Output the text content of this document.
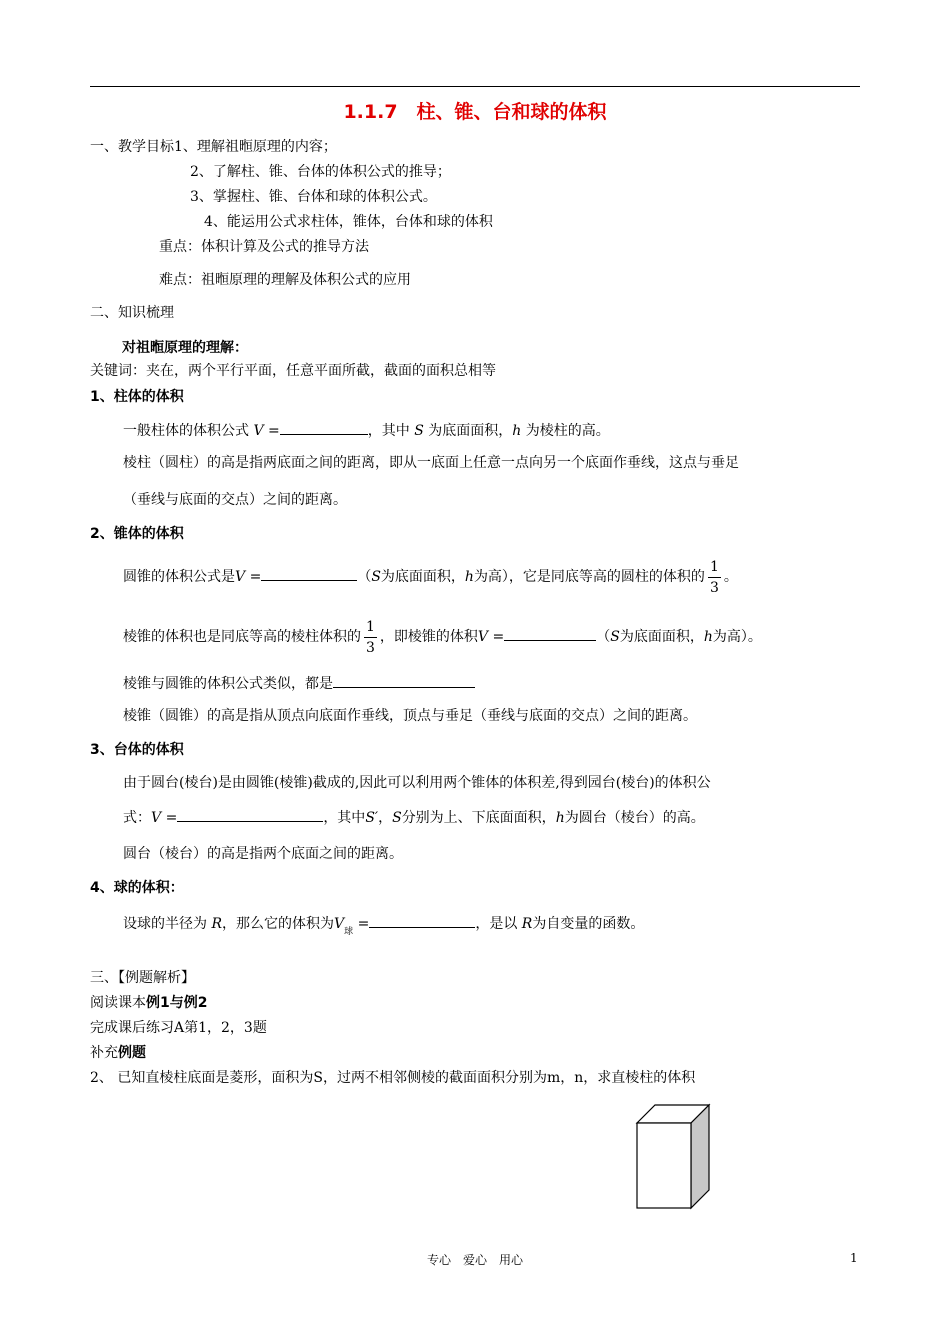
1.1.7　柱、锥、台和球的体积
一、教学目标1、理解祖暅原理的内容；
2、了解柱、锥、台体的体积公式的推导；
3、掌握柱、锥、台体和球的体积公式。
4、能运用公式求柱体，锥体，台体和球的体积
重点：体积计算及公式的推导方法
难点：祖暅原理的理解及体积公式的应用
二、知识梳理
对祖暅原理的理解：
关键词：夹在，两个平行平面，任意平面所截，截面的面积总相等
1、柱体的体积
一般柱体的体积公式 V =	，其中 S 为底面面积，h 为棱柱的高。
棱柱（圆柱）的高是指两底面之间的距离，即从一底面上任意一点向另一个底面作垂线，这点与垂足
（垂线与底面的交点）之间的距离。
2、锥体的体积
圆锥的体积公式是V =	（S为底面面积，h为高），它是同底等高的圆柱的体积的 $\frac{1}{3}$ 。
棱锥的体积也是同底等高的棱柱体积的 $\frac{1}{3}$ ，即棱锥的体积V =	（S为底面面积，h为高）。
棱锥与圆锥的体积公式类似，都是
棱锥（圆锥）的高是指从顶点向底面作垂线，顶点与垂足（垂线与底面的交点）之间的距离。
3、台体的体积
由于圆台(棱台)是由圆锥(棱锥)截成的,因此可以利用两个锥体的体积差,得到园台(棱台)的体积公
式：V =	，其中S′，S分别为上、下底面面积，h为圆台（棱台）的高。
圆台（棱台）的高是指两个底面之间的距离。
4、球的体积：
设球的半径为 R，那么它的体积为$V_球$ =	，是以 R为自变量的函数。
三、【例题解析】
阅读课本例1与例2
完成课后练习A第1，2，3题
补充例题
2、 已知直棱柱底面是菱形，面积为S，过两不相邻侧棱的截面面积分别为m，n，求直棱柱的体积
专心　爱心　用心	1
